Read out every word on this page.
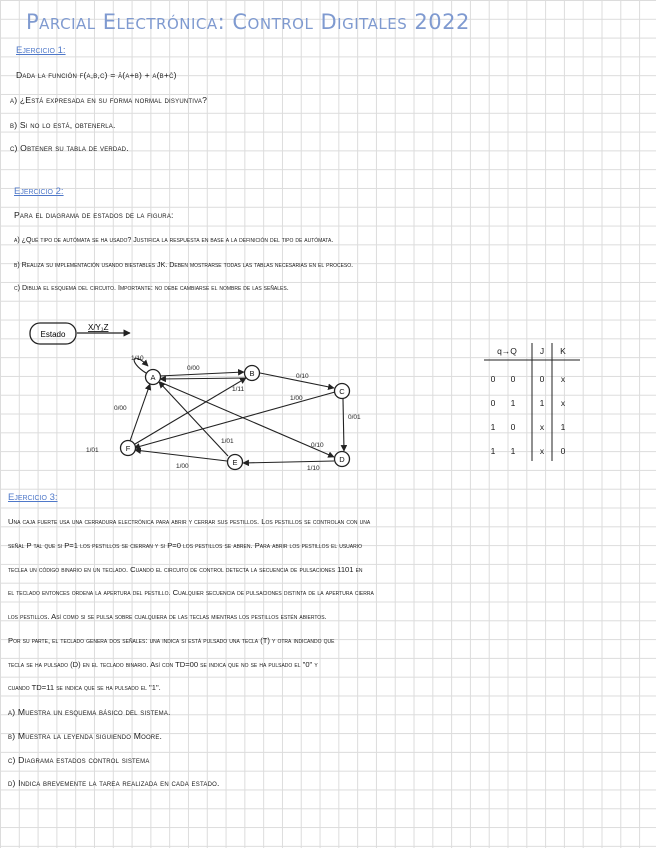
Parcial Electrónica: Control Digitales 2022
Ejercicio 1:
Dada la función f(a,b,c) = ā(a+b) + a(b+c̄)
a) ¿Está expresada en su forma normal disyuntiva?
b) Si no lo está, obtenerla.
c) Obtener su tabla de verdad.
Ejercicio 2:
Para el diagrama de estados de la figura:
a) ¿Qué tipo de autómata se ha usado? Justifica la respuesta en base a la definición del tipo de autómata.
b) Realiza su implementación usando biestables JK. Deben mostrarse todas las tablas necesarias en el proceso.
c) Dibuja el esquema del circuito. Importante: no debe cambiarse el nombre de las señales.
Estado
X/Y₁Z
A	B
C
D
E
F
1/10
0/00
0/10
1/11
1/00
0/00
0/01
1/01
1/01
0/10
1/10
1/00
q→Q	J	K
0	0	0	x
0	1	1	x
1	0	x	1
1	1	x	0
Ejercicio 3:
Una caja fuerte usa una cerradura electrónica para abrir y cerrar sus pestillos. Los pestillos se controlan con una
señal P tal que si P=1 los pestillos se cierran y si P=0 los pestillos se abren. Para abrir los pestillos el usuario
teclea un código binario en un teclado. Cuando el circuito de control detecta la secuencia de pulsaciones 1101 en
el teclado entonces ordena la apertura del pestillo. Cualquier secuencia de pulsaciones distinta de la apertura cierra
los pestillos. Así como si se pulsa sobre cualquiera de las teclas mientras los pestillos estén abiertos.
Por su parte, el teclado genera dos señales: una indica si está pulsado una tecla (T) y otra indicando que
tecla se ha pulsado (D) en el teclado binario. Así con TD=00 se indica que no se ha pulsado el "0" y
cuando TD=11 se indica que se ha pulsado el "1".
a) Muestra un esquema básico del sistema.
b) Muestra la leyenda siguiendo Moore.
c) Diagrama estados control sistema
d) Indica brevemente la tarea realizada en cada estado.
